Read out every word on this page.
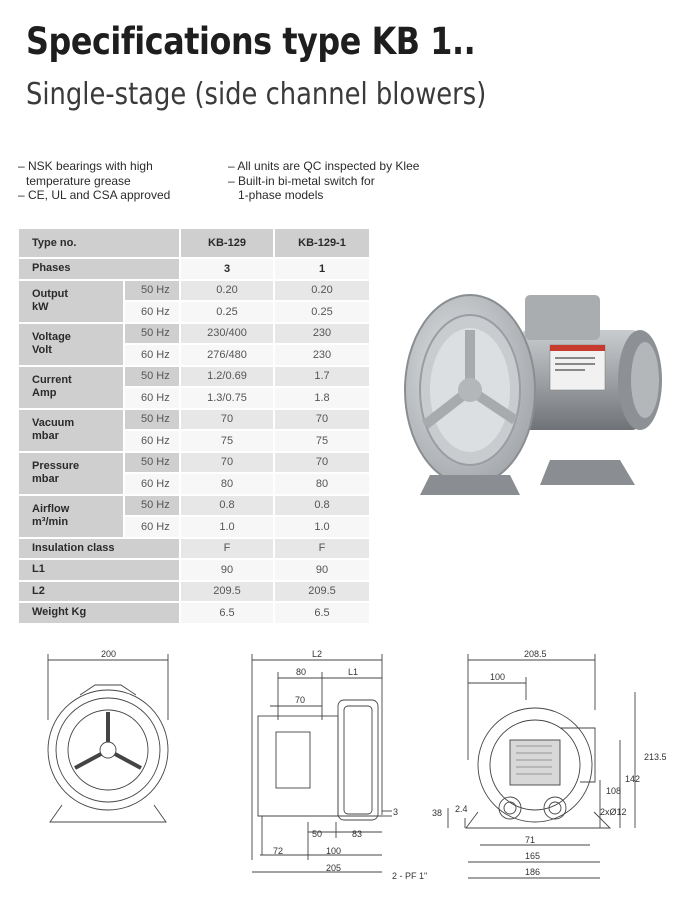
Specifications type KB 1..
Single-stage (side channel blowers)
– NSK bearings with high
temperature grease
– CE, UL and CSA approved
– All units are QC inspected by Klee
– Built-in bi-metal switch for
1-phase models
Type no.		KB-129	KB-129-1
Phases		3	1
Output
kW	50 Hz	0.20	0.20
	60 Hz	0.25	0.25
Voltage
Volt	50 Hz	230/400	230
	60 Hz	276/480	230
Current
Amp	50 Hz	1.2/0.69	1.7
	60 Hz	1.3/0.75	1.8
Vacuum
mbar	50 Hz	70	70
	60 Hz	75	75
Pressure
mbar	50 Hz	70	70
	60 Hz	80	80
Airflow
m³/min	50 Hz	0.8	0.8
	60 Hz	1.0	1.0
Insulation class		F	F
L1		90	90
L2		209.5	209.5
Weight Kg		6.5	6.5
200	L2
80	L1
70
3
50	83
72	100
205
2 - PF 1"
208.5
100
213.5
142
108
38 2.4	2xØ12
71
165
186
